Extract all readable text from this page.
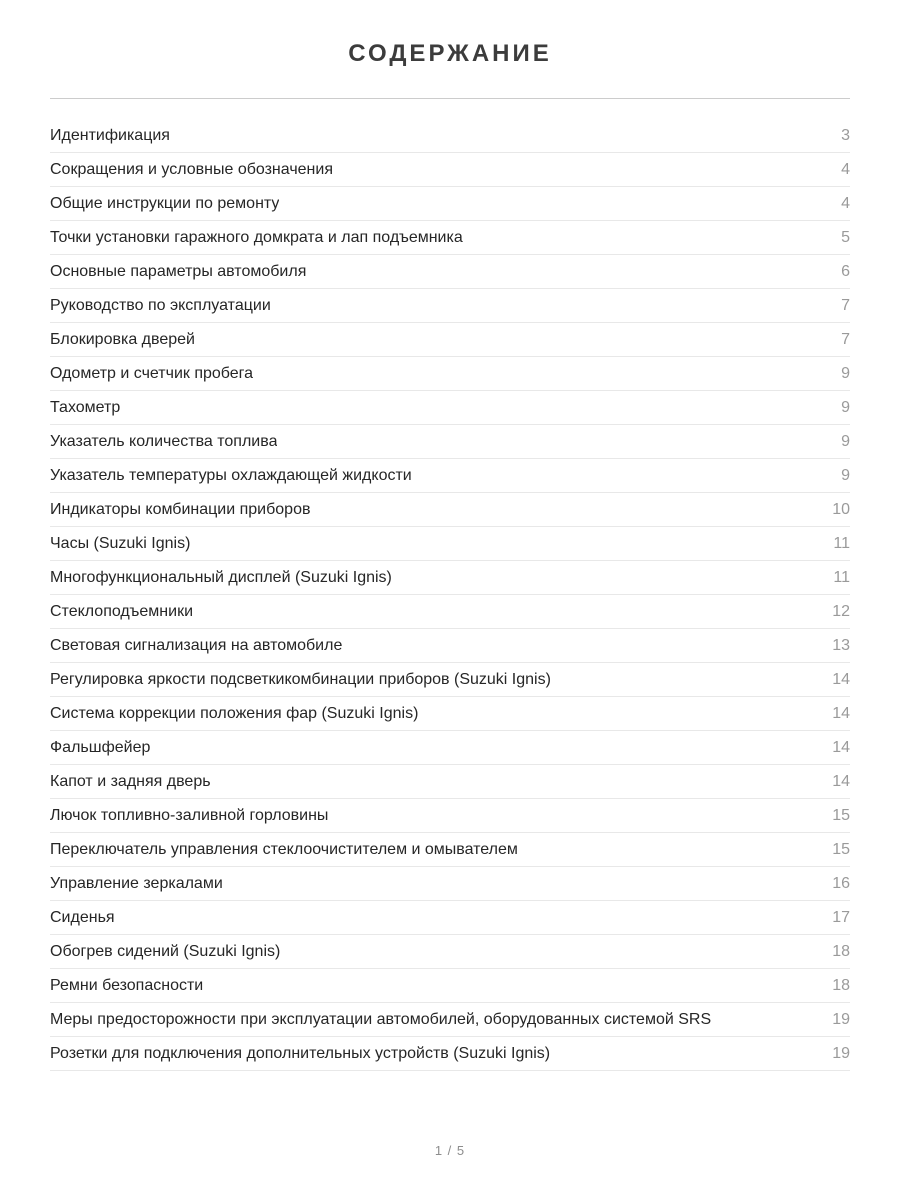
СОДЕРЖАНИЕ
Идентификация	3
Сокращения и условные обозначения	4
Общие инструкции по ремонту	4
Точки установки гаражного домкрата и лап подъемника	5
Основные параметры автомобиля	6
Руководство по эксплуатации	7
Блокировка дверей	7
Одометр и счетчик пробега	9
Тахометр	9
Указатель количества топлива	9
Указатель температуры охлаждающей жидкости	9
Индикаторы комбинации приборов	10
Часы (Suzuki Ignis)	11
Многофункциональный дисплей (Suzuki Ignis)	11
Стеклоподъемники	12
Световая сигнализация на автомобиле	13
Регулировка яркости подсветкикомбинации приборов (Suzuki Ignis)	14
Система коррекции положения фар (Suzuki Ignis)	14
Фальшфейер	14
Капот и задняя дверь	14
Лючок топливно-заливной горловины	15
Переключатель управления стеклоочистителем и омывателем	15
Управление зеркалами	16
Сиденья	17
Обогрев сидений (Suzuki Ignis)	18
Ремни безопасности	18
Меры предосторожности при эксплуатации автомобилей, оборудованных системой SRS	19
Розетки для подключения дополнительных устройств (Suzuki Ignis)	19
1 / 5
